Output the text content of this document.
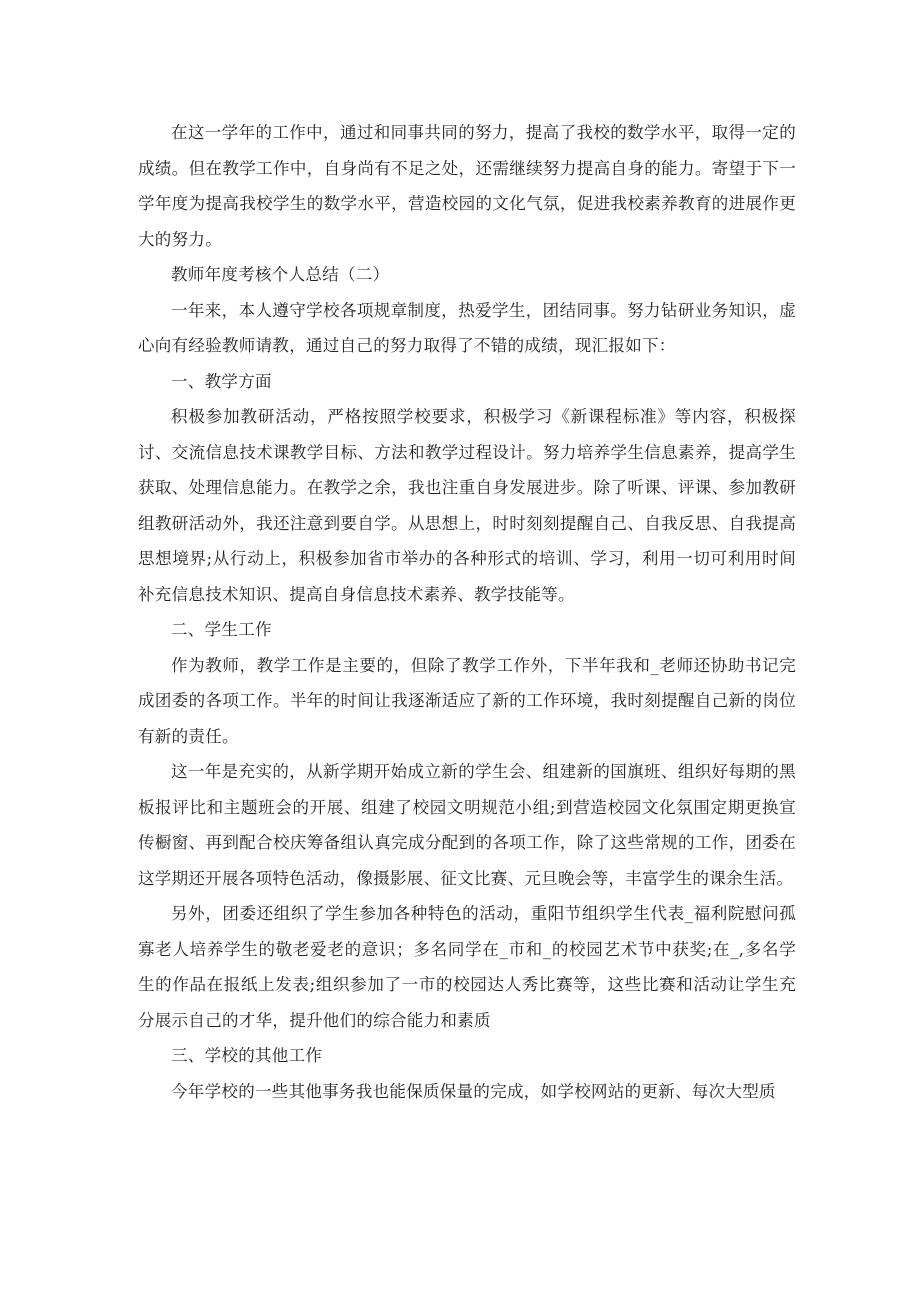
在这一学年的工作中，通过和同事共同的努力，提高了我校的数学水平，取得一定的成绩。但在教学工作中，自身尚有不足之处，还需继续努力提高自身的能力。寄望于下一学年度为提高我校学生的数学水平，营造校园的文化气氛，促进我校素养教育的进展作更大的努力。

教师年度考核个人总结（二）

一年来，本人遵守学校各项规章制度，热爱学生，团结同事。努力钻研业务知识，虚心向有经验教师请教，通过自己的努力取得了不错的成绩，现汇报如下：

一、教学方面

积极参加教研活动，严格按照学校要求，积极学习《新课程标准》等内容，积极探讨、交流信息技术课教学目标、方法和教学过程设计。努力培养学生信息素养，提高学生获取、处理信息能力。在教学之余，我也注重自身发展进步。除了听课、评课、参加教研组教研活动外，我还注意到要自学。从思想上，时时刻刻提醒自己、自我反思、自我提高思想境界;从行动上，积极参加省市举办的各种形式的培训、学习，利用一切可利用时间补充信息技术知识、提高自身信息技术素养、教学技能等。

二、学生工作

作为教师，教学工作是主要的，但除了教学工作外，下半年我和_老师还协助书记完成团委的各项工作。半年的时间让我逐渐适应了新的工作环境，我时刻提醒自己新的岗位有新的责任。

这一年是充实的，从新学期开始成立新的学生会、组建新的国旗班、组织好每期的黑板报评比和主题班会的开展、组建了校园文明规范小组;到营造校园文化氛围定期更换宣传橱窗、再到配合校庆筹备组认真完成分配到的各项工作，除了这些常规的工作，团委在这学期还开展各项特色活动，像摄影展、征文比赛、元旦晚会等，丰富学生的课余生活。

另外，团委还组织了学生参加各种特色的活动，重阳节组织学生代表_福利院慰问孤寡老人培养学生的敬老爱老的意识；多名同学在_市和_的校园艺术节中获奖;在_,多名学生的作品在报纸上发表;组织参加了一市的校园达人秀比赛等，这些比赛和活动让学生充分展示自己的才华，提升他们的综合能力和素质

三、学校的其他工作

今年学校的一些其他事务我也能保质保量的完成，如学校网站的更新、每次大型质
